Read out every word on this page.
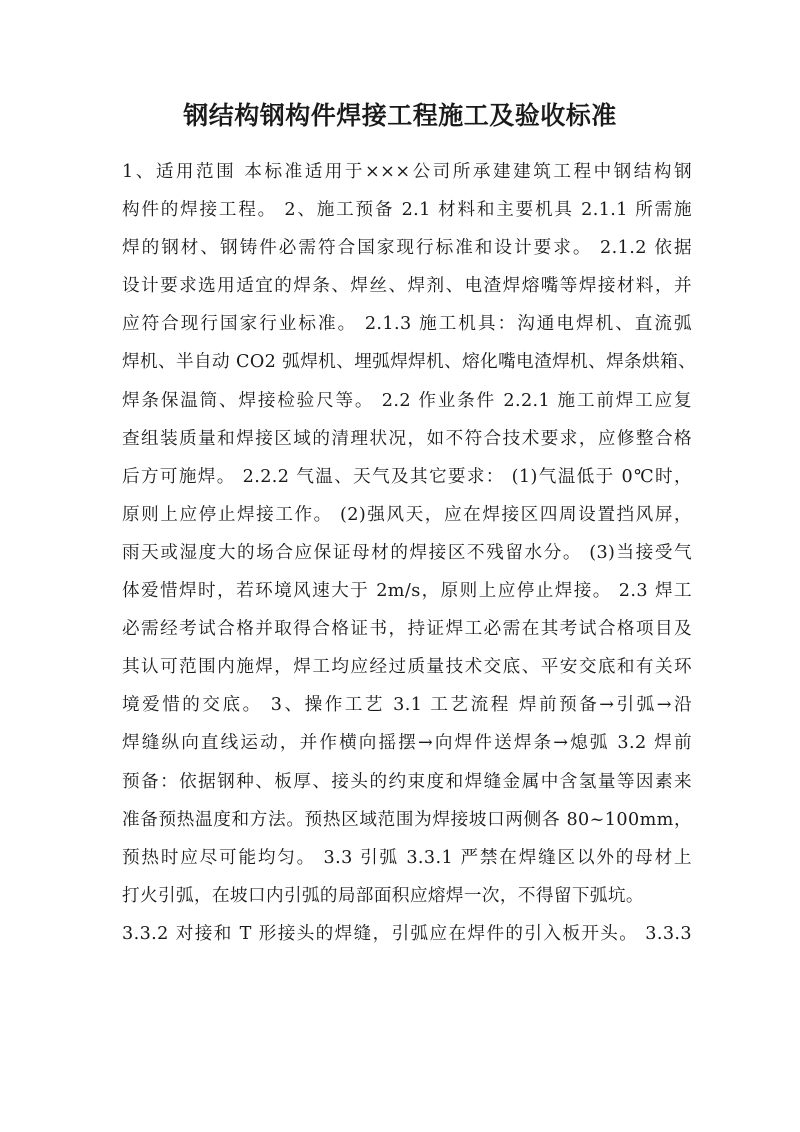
钢结构钢构件焊接工程施工及验收标准
1、适用范围 本标准适用于×××公司所承建建筑工程中钢结构钢
构件的焊接工程。 2、施工预备 2.1 材料和主要机具 2.1.1 所需施
焊的钢材、钢铸件必需符合国家现行标准和设计要求。 2.1.2 依据
设计要求选用适宜的焊条、焊丝、焊剂、电渣焊熔嘴等焊接材料，并
应符合现行国家行业标准。 2.1.3 施工机具：沟通电焊机、直流弧
焊机、半自动 CO2 弧焊机、埋弧焊焊机、熔化嘴电渣焊机、焊条烘箱、
焊条保温筒、焊接检验尺等。 2.2 作业条件 2.2.1 施工前焊工应复
查组装质量和焊接区域的清理状况，如不符合技术要求，应修整合格
后方可施焊。 2.2.2 气温、天气及其它要求： (1)气温低于 0℃时，
原则上应停止焊接工作。 (2)强风天，应在焊接区四周设置挡风屏，
雨天或湿度大的场合应保证母材的焊接区不残留水分。 (3)当接受气
体爱惜焊时，若环境风速大于 2m/s，原则上应停止焊接。 2.3 焊工
必需经考试合格并取得合格证书，持证焊工必需在其考试合格项目及
其认可范围内施焊，焊工均应经过质量技术交底、平安交底和有关环
境爱惜的交底。 3、操作工艺 3.1 工艺流程 焊前预备→引弧→沿
焊缝纵向直线运动，并作横向摇摆→向焊件送焊条→熄弧 3.2 焊前
预备：依据钢种、板厚、接头的约束度和焊缝金属中含氢量等因素来
准备预热温度和方法。预热区域范围为焊接坡口两侧各 80~100mm，
预热时应尽可能均匀。 3.3 引弧 3.3.1 严禁在焊缝区以外的母材上
打火引弧，在坡口内引弧的局部面积应熔焊一次，不得留下弧坑。
3.3.2 对接和 T 形接头的焊缝，引弧应在焊件的引入板开头。 3.3.3
